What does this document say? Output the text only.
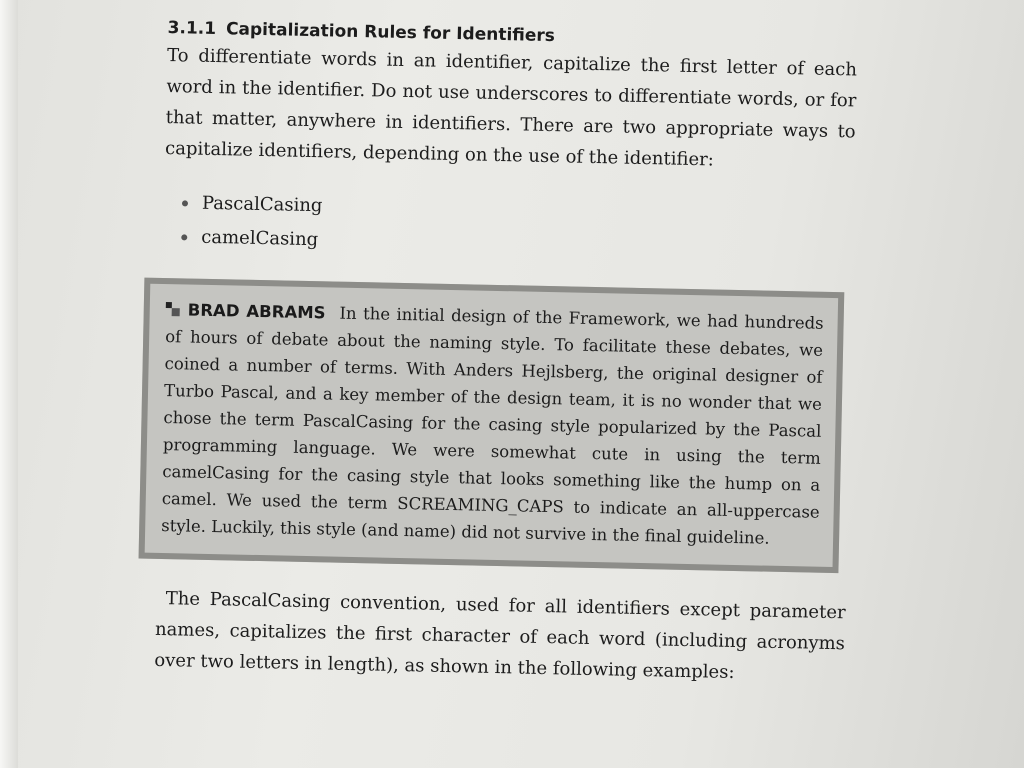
3.1.1 Capitalization Rules for Identifiers

To differentiate words in an identifier, capitalize the first letter of each word in the identifier. Do not use underscores to differentiate words, or for that matter, anywhere in identifiers. There are two appropriate ways to capitalize identifiers, depending on the use of the identifier:

PascalCasing
camelCasing

BRAD ABRAMS In the initial design of the Framework, we had hundreds of hours of debate about the naming style. To facilitate these debates, we coined a number of terms. With Anders Hejlsberg, the original designer of Turbo Pascal, and a key member of the design team, it is no wonder that we chose the term PascalCasing for the casing style popularized by the Pascal programming language. We were somewhat cute in using the term camelCasing for the casing style that looks something like the hump on a camel. We used the term SCREAMING_CAPS to indicate an all-uppercase style. Luckily, this style (and name) did not survive in the final guideline.

The PascalCasing convention, used for all identifiers except parameter names, capitalizes the first character of each word (including acronyms over two letters in length), as shown in the following examples:
